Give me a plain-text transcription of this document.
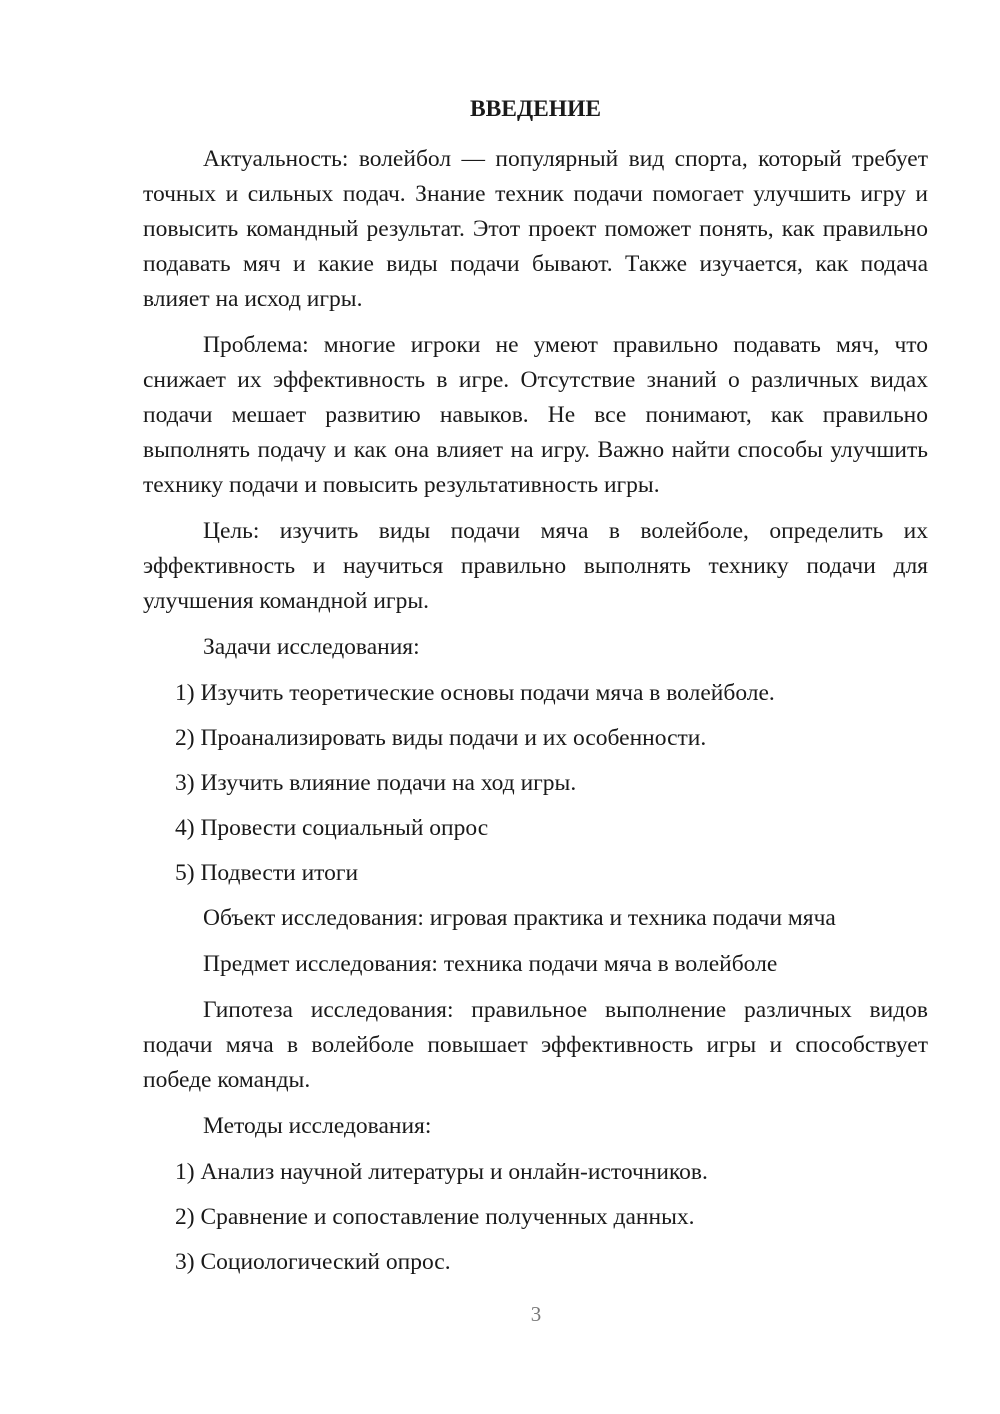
ВВЕДЕНИЕ
Актуальность: волейбол — популярный вид спорта, который требует точных и сильных подач. Знание техник подачи помогает улучшить игру и повысить командный результат. Этот проект поможет понять, как правильно подавать мяч и какие виды подачи бывают. Также изучается, как подача влияет на исход игры.
Проблема: многие игроки не умеют правильно подавать мяч, что снижает их эффективность в игре. Отсутствие знаний о различных видах подачи мешает развитию навыков. Не все понимают, как правильно выполнять подачу и как она влияет на игру. Важно найти способы улучшить технику подачи и повысить результативность игры.
Цель: изучить виды подачи мяча в волейболе, определить их эффективность и научиться правильно выполнять технику подачи для улучшения командной игры.
Задачи исследования:
1) Изучить теоретические основы подачи мяча в волейболе.
2) Проанализировать виды подачи и их особенности.
3) Изучить влияние подачи на ход игры.
4) Провести социальный опрос
5) Подвести итоги
Объект исследования: игровая практика и техника подачи мяча
Предмет исследования: техника подачи мяча в волейболе
Гипотеза исследования: правильное выполнение различных видов подачи мяча в волейболе повышает эффективность игры и способствует победе команды.
Методы исследования:
1) Анализ научной литературы и онлайн-источников.
2) Сравнение и сопоставление полученных данных.
3) Социологический опрос.
3
